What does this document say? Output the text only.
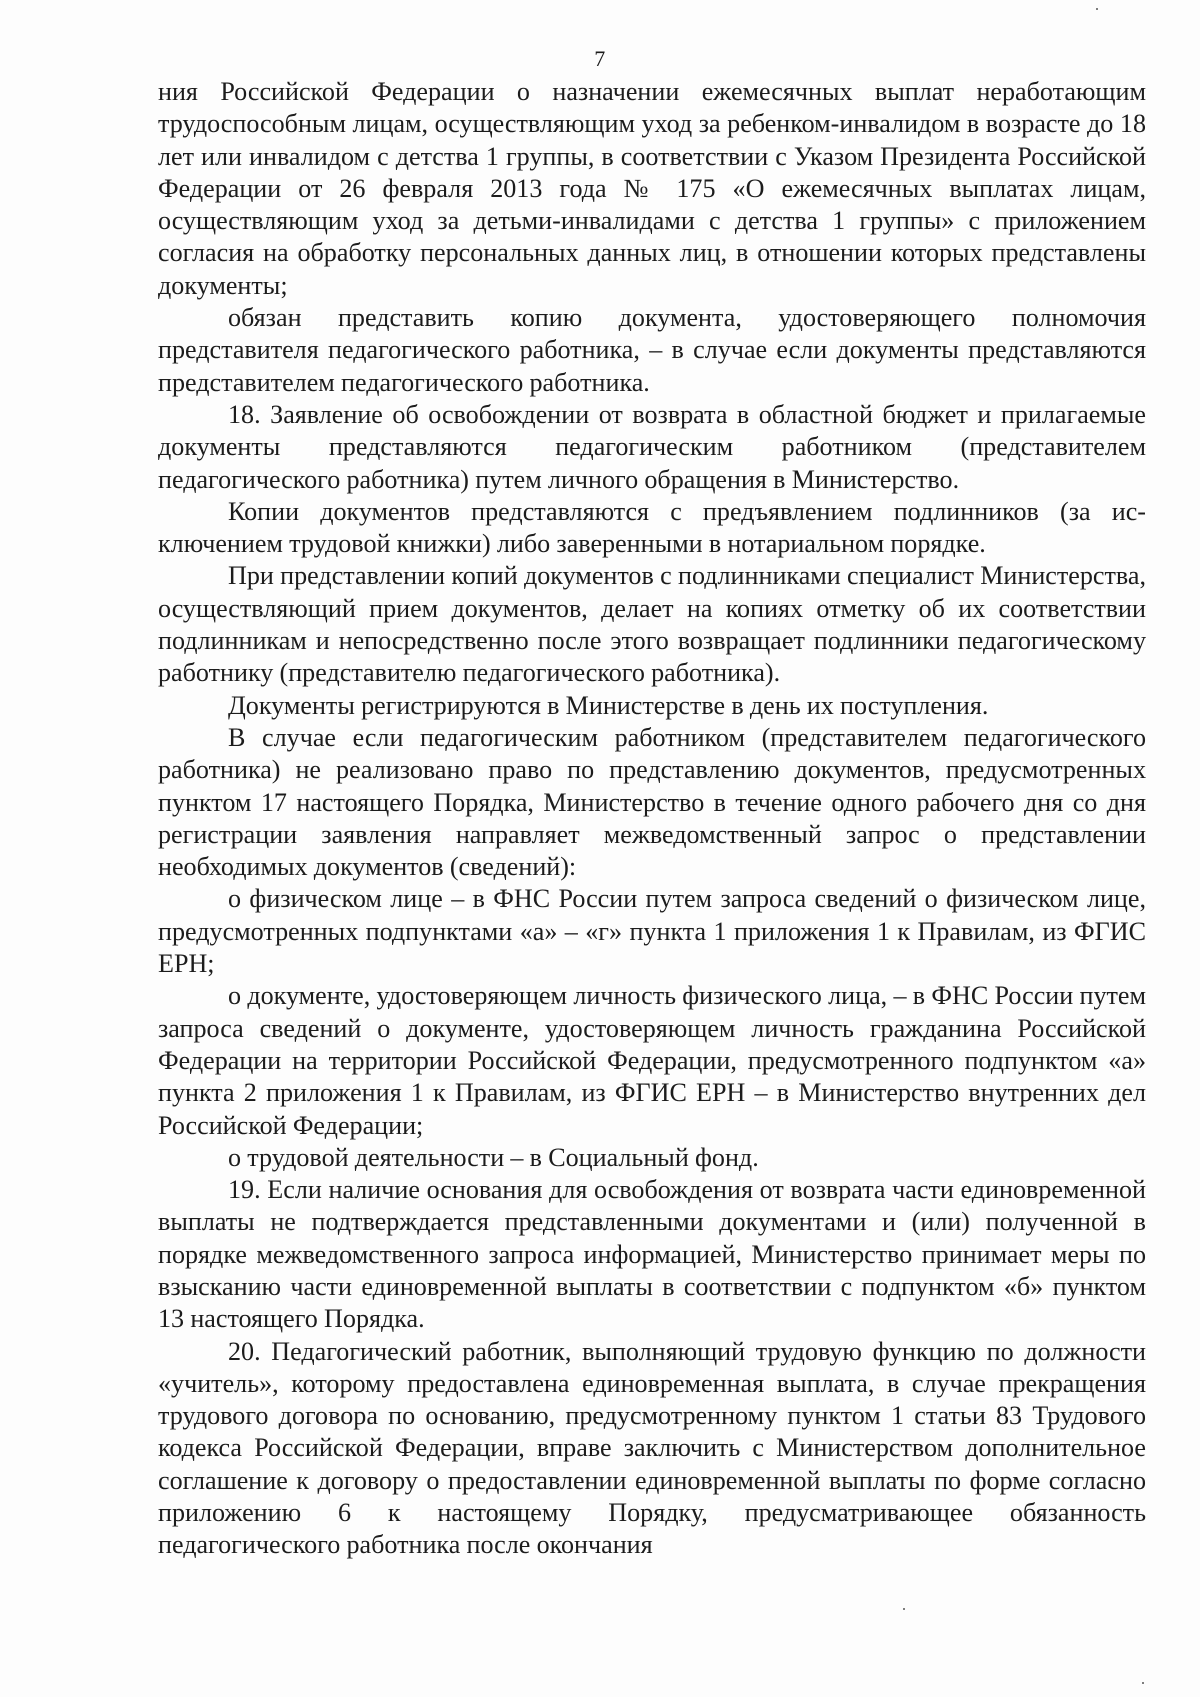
7

ния Российской Федерации о назначении ежемесячных выплат неработающим трудоспособным лицам, осуществляющим уход за ребенком-инвалидом в возрасте до 18 лет или инвалидом с детства 1 группы, в соответствии с Указом Президента Российской Федерации от 26 февраля 2013 года № 175 «О ежемесячных выплатах лицам, осуществляющим уход за детьми-инвалидами с детства 1 группы» с приложением согласия на обработку персональных данных лиц, в отношении которых представлены документы;

обязан представить копию документа, удостоверяющего полномочия представителя педагогического работника, – в случае если документы представляются представителем педагогического работника.

18. Заявление об освобождении от возврата в областной бюджет и прилагаемые документы представляются педагогическим работником (представителем педагогического работника) путем личного обращения в Министерство.

Копии документов представляются с предъявлением подлинников (за исключением трудовой книжки) либо заверенными в нотариальном порядке.

При представлении копий документов с подлинниками специалист Министерства, осуществляющий прием документов, делает на копиях отметку об их соответствии подлинникам и непосредственно после этого возвращает подлинники педагогическому работнику (представителю педагогического работника).

Документы регистрируются в Министерстве в день их поступления.

В случае если педагогическим работником (представителем педагогического работника) не реализовано право по представлению документов, предусмотренных пунктом 17 настоящего Порядка, Министерство в течение одного рабочего дня со дня регистрации заявления направляет межведомственный запрос о представлении необходимых документов (сведений):

о физическом лице – в ФНС России путем запроса сведений о физическом лице, предусмотренных подпунктами «а» – «г» пункта 1 приложения 1 к Правилам, из ФГИС ЕРН;

о документе, удостоверяющем личность физического лица, – в ФНС России путем запроса сведений о документе, удостоверяющем личность гражданина Российской Федерации на территории Российской Федерации, предусмотренного подпунктом «а» пункта 2 приложения 1 к Правилам, из ФГИС ЕРН – в Министерство внутренних дел Российской Федерации;

о трудовой деятельности – в Социальный фонд.

19. Если наличие основания для освобождения от возврата части единовременной выплаты не подтверждается представленными документами и (или) полученной в порядке межведомственного запроса информацией, Министерство принимает меры по взысканию части единовременной выплаты в соответствии с подпунктом «б» пунктом 13 настоящего Порядка.

20. Педагогический работник, выполняющий трудовую функцию по должности «учитель», которому предоставлена единовременная выплата, в случае прекращения трудового договора по основанию, предусмотренному пунктом 1 статьи 83 Трудового кодекса Российской Федерации, вправе заключить с Министерством дополнительное соглашение к договору о предоставлении единовременной выплаты по форме согласно приложению 6 к настоящему Порядку, предусматривающее обязанность педагогического работника после окончания
